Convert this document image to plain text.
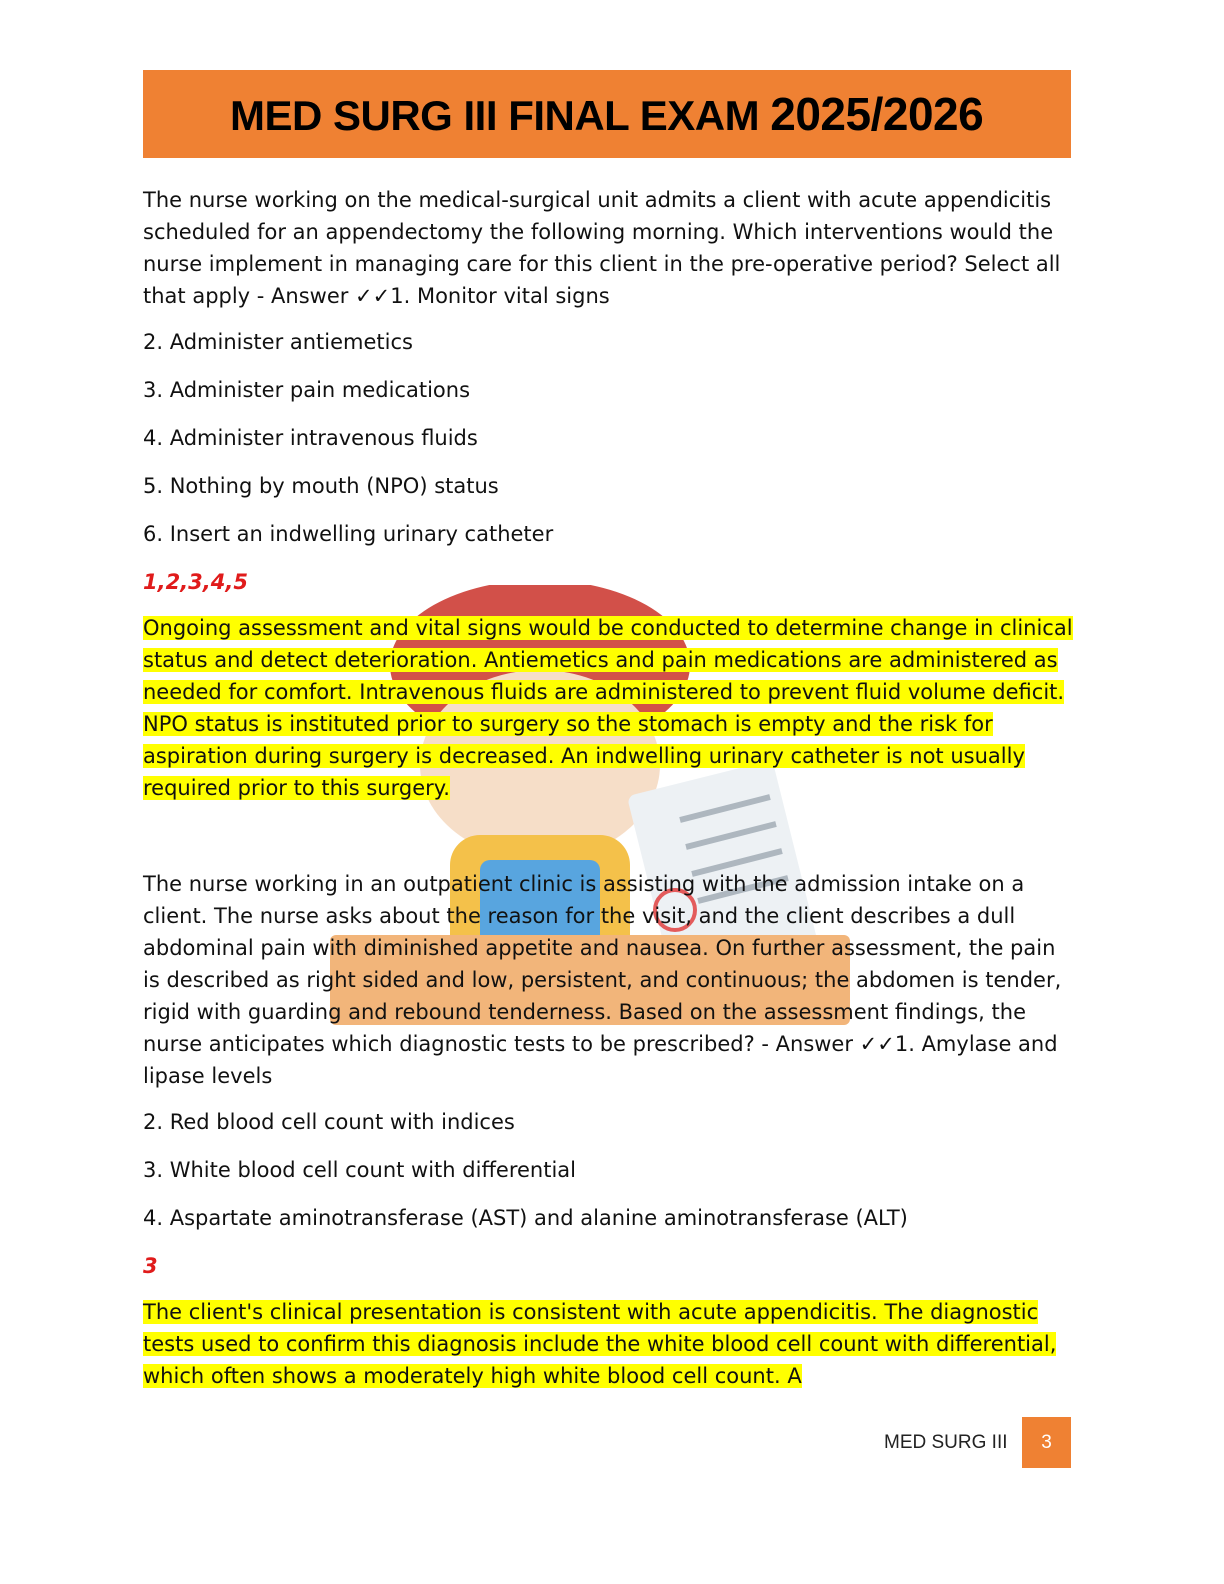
MED SURG III FINAL EXAM 2025/2026

The nurse working on the medical-surgical unit admits a client with acute appendicitis scheduled for an appendectomy the following morning. Which interventions would the nurse implement in managing care for this client in the pre-operative period? Select all that apply - Answer ✓✓1. Monitor vital signs

2. Administer antiemetics

3. Administer pain medications

4. Administer intravenous fluids

5. Nothing by mouth (NPO) status

6. Insert an indwelling urinary catheter

1,2,3,4,5

Ongoing assessment and vital signs would be conducted to determine change in clinical status and detect deterioration. Antiemetics and pain medications are administered as needed for comfort. Intravenous fluids are administered to prevent fluid volume deficit. NPO status is instituted prior to surgery so the stomach is empty and the risk for aspiration during surgery is decreased. An indwelling urinary catheter is not usually required prior to this surgery.

The nurse working in an outpatient clinic is assisting with the admission intake on a client. The nurse asks about the reason for the visit, and the client describes a dull abdominal pain with diminished appetite and nausea. On further assessment, the pain is described as right sided and low, persistent, and continuous; the abdomen is tender, rigid with guarding and rebound tenderness. Based on the assessment findings, the nurse anticipates which diagnostic tests to be prescribed? - Answer ✓✓1. Amylase and lipase levels

2. Red blood cell count with indices

3. White blood cell count with differential

4. Aspartate aminotransferase (AST) and alanine aminotransferase (ALT)

3

The client's clinical presentation is consistent with acute appendicitis. The diagnostic tests used to confirm this diagnosis include the white blood cell count with differential, which often shows a moderately high white blood cell count. A

MED SURG III	3
